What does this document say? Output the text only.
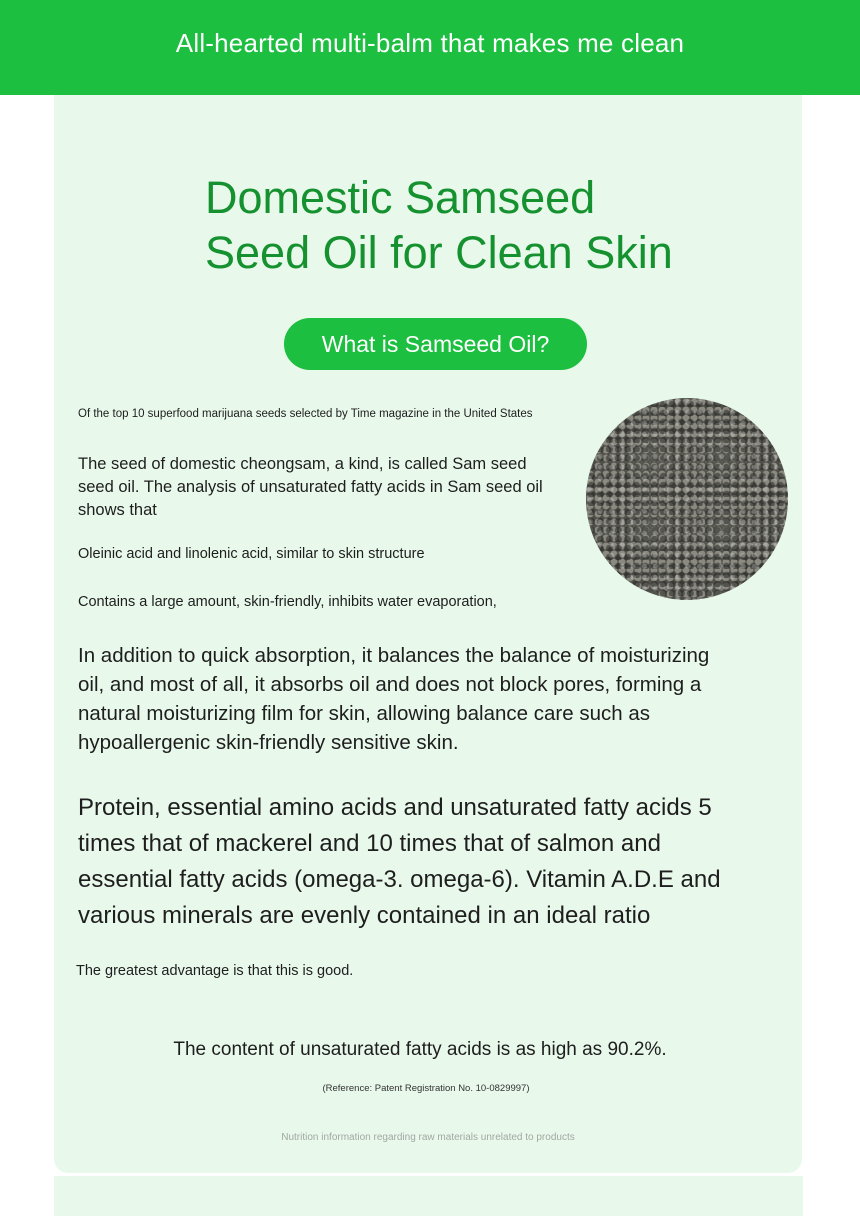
All-hearted multi-balm that makes me clean
Domestic Samseed
Seed Oil for Clean Skin
What is Samseed Oil?

Of the top 10 superfood marijuana seeds selected by Time magazine in the United States

The seed of domestic cheongsam, a kind, is called Sam seed seed oil. The analysis of unsaturated fatty acids in Sam seed oil shows that

Oleinic acid and linolenic acid, similar to skin structure

Contains a large amount, skin-friendly, inhibits water evaporation,

In addition to quick absorption, it balances the balance of moisturizing oil, and most of all, it absorbs oil and does not block pores, forming a natural moisturizing film for skin, allowing balance care such as hypoallergenic skin-friendly sensitive skin.

Protein, essential amino acids and unsaturated fatty acids 5 times that of mackerel and 10 times that of salmon and essential fatty acids (omega-3. omega-6). Vitamin A.D.E and various minerals are evenly contained in an ideal ratio

The greatest advantage is that this is good.

The content of unsaturated fatty acids is as high as 90.2%.

(Reference: Patent Registration No. 10-0829997)

Nutrition information regarding raw materials unrelated to products
